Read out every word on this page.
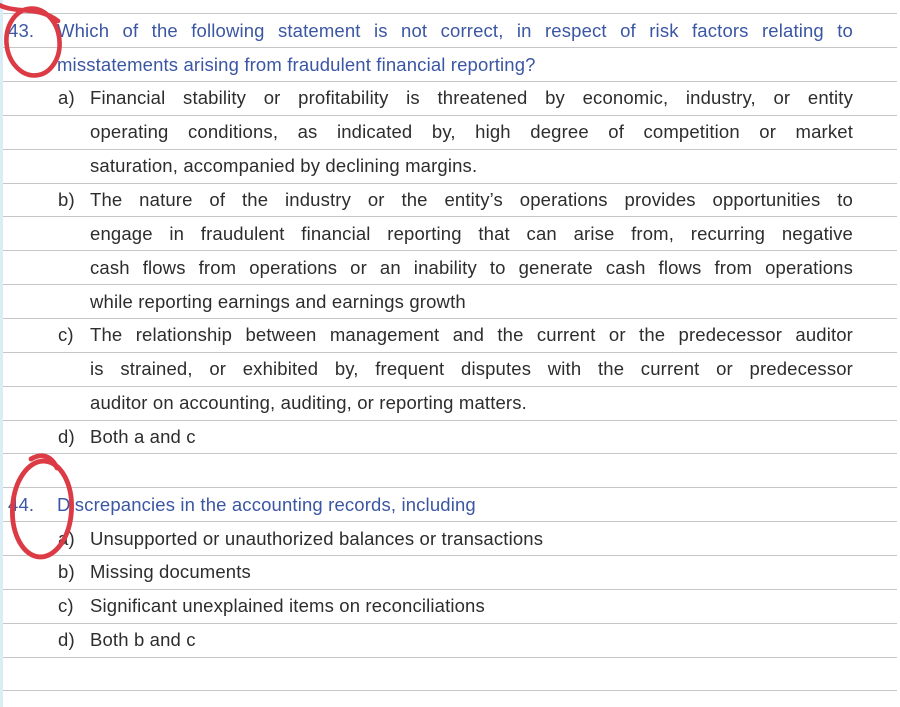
43. Which of the following statement is not correct, in respect of risk factors relating to
misstatements arising from fraudulent financial reporting?
a) Financial stability or profitability is threatened by economic, industry, or entity
operating conditions, as indicated by, high degree of competition or market
saturation, accompanied by declining margins.
b) The nature of the industry or the entity’s operations provides opportunities to
engage in fraudulent financial reporting that can arise from, recurring negative
cash flows from operations or an inability to generate cash flows from operations
while reporting earnings and earnings growth
c) The relationship between management and the current or the predecessor auditor
is strained, or exhibited by, frequent disputes with the current or predecessor
auditor on accounting, auditing, or reporting matters.
d) Both a and c
44. Discrepancies in the accounting records, including
a) Unsupported or unauthorized balances or transactions
b) Missing documents
c) Significant unexplained items on reconciliations
d) Both b and c
